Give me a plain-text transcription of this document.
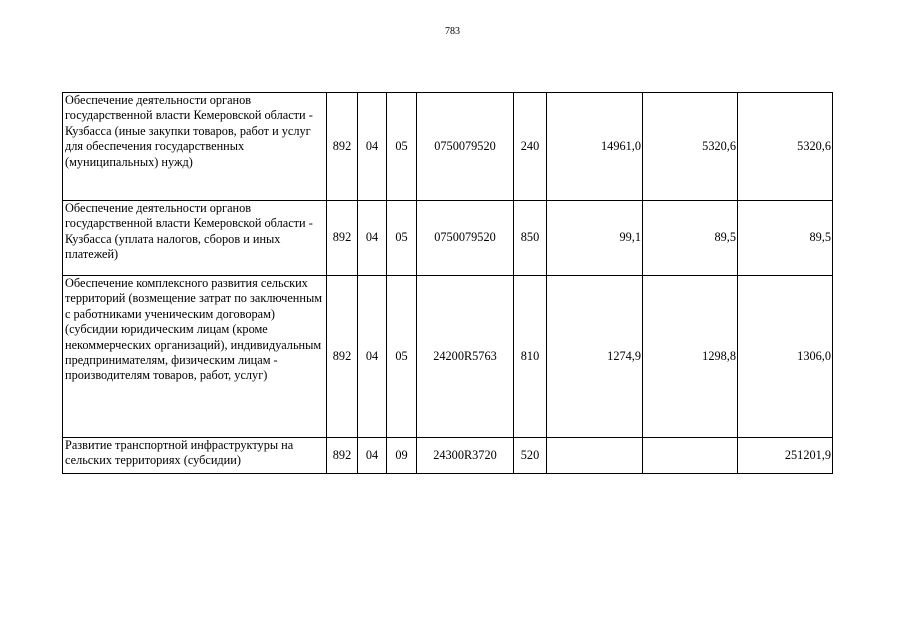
783
Обеспечение деятельности органов государственной власти Кемеровской области - Кузбасса (иные закупки товаров, работ и услуг для обеспечения государственных (муниципальных) нужд)	892	04	05	0750079520	240	14961,0	5320,6	5320,6
Обеспечение деятельности органов государственной власти Кемеровской области - Кузбасса (уплата налогов, сборов и иных платежей)	892	04	05	0750079520	850	99,1	89,5	89,5
Обеспечение комплексного развития сельских территорий (возмещение затрат по заключенным с работниками ученическим договорам) (субсидии юридическим лицам (кроме некоммерческих организаций), индивидуальным предпринимателям, физическим лицам - производителям товаров, работ, услуг)	892	04	05	24200R5763	810	1274,9	1298,8	1306,0
Развитие транспортной инфраструктуры на сельских территориях (субсидии)	892	04	09	24300R3720	520			251201,9
